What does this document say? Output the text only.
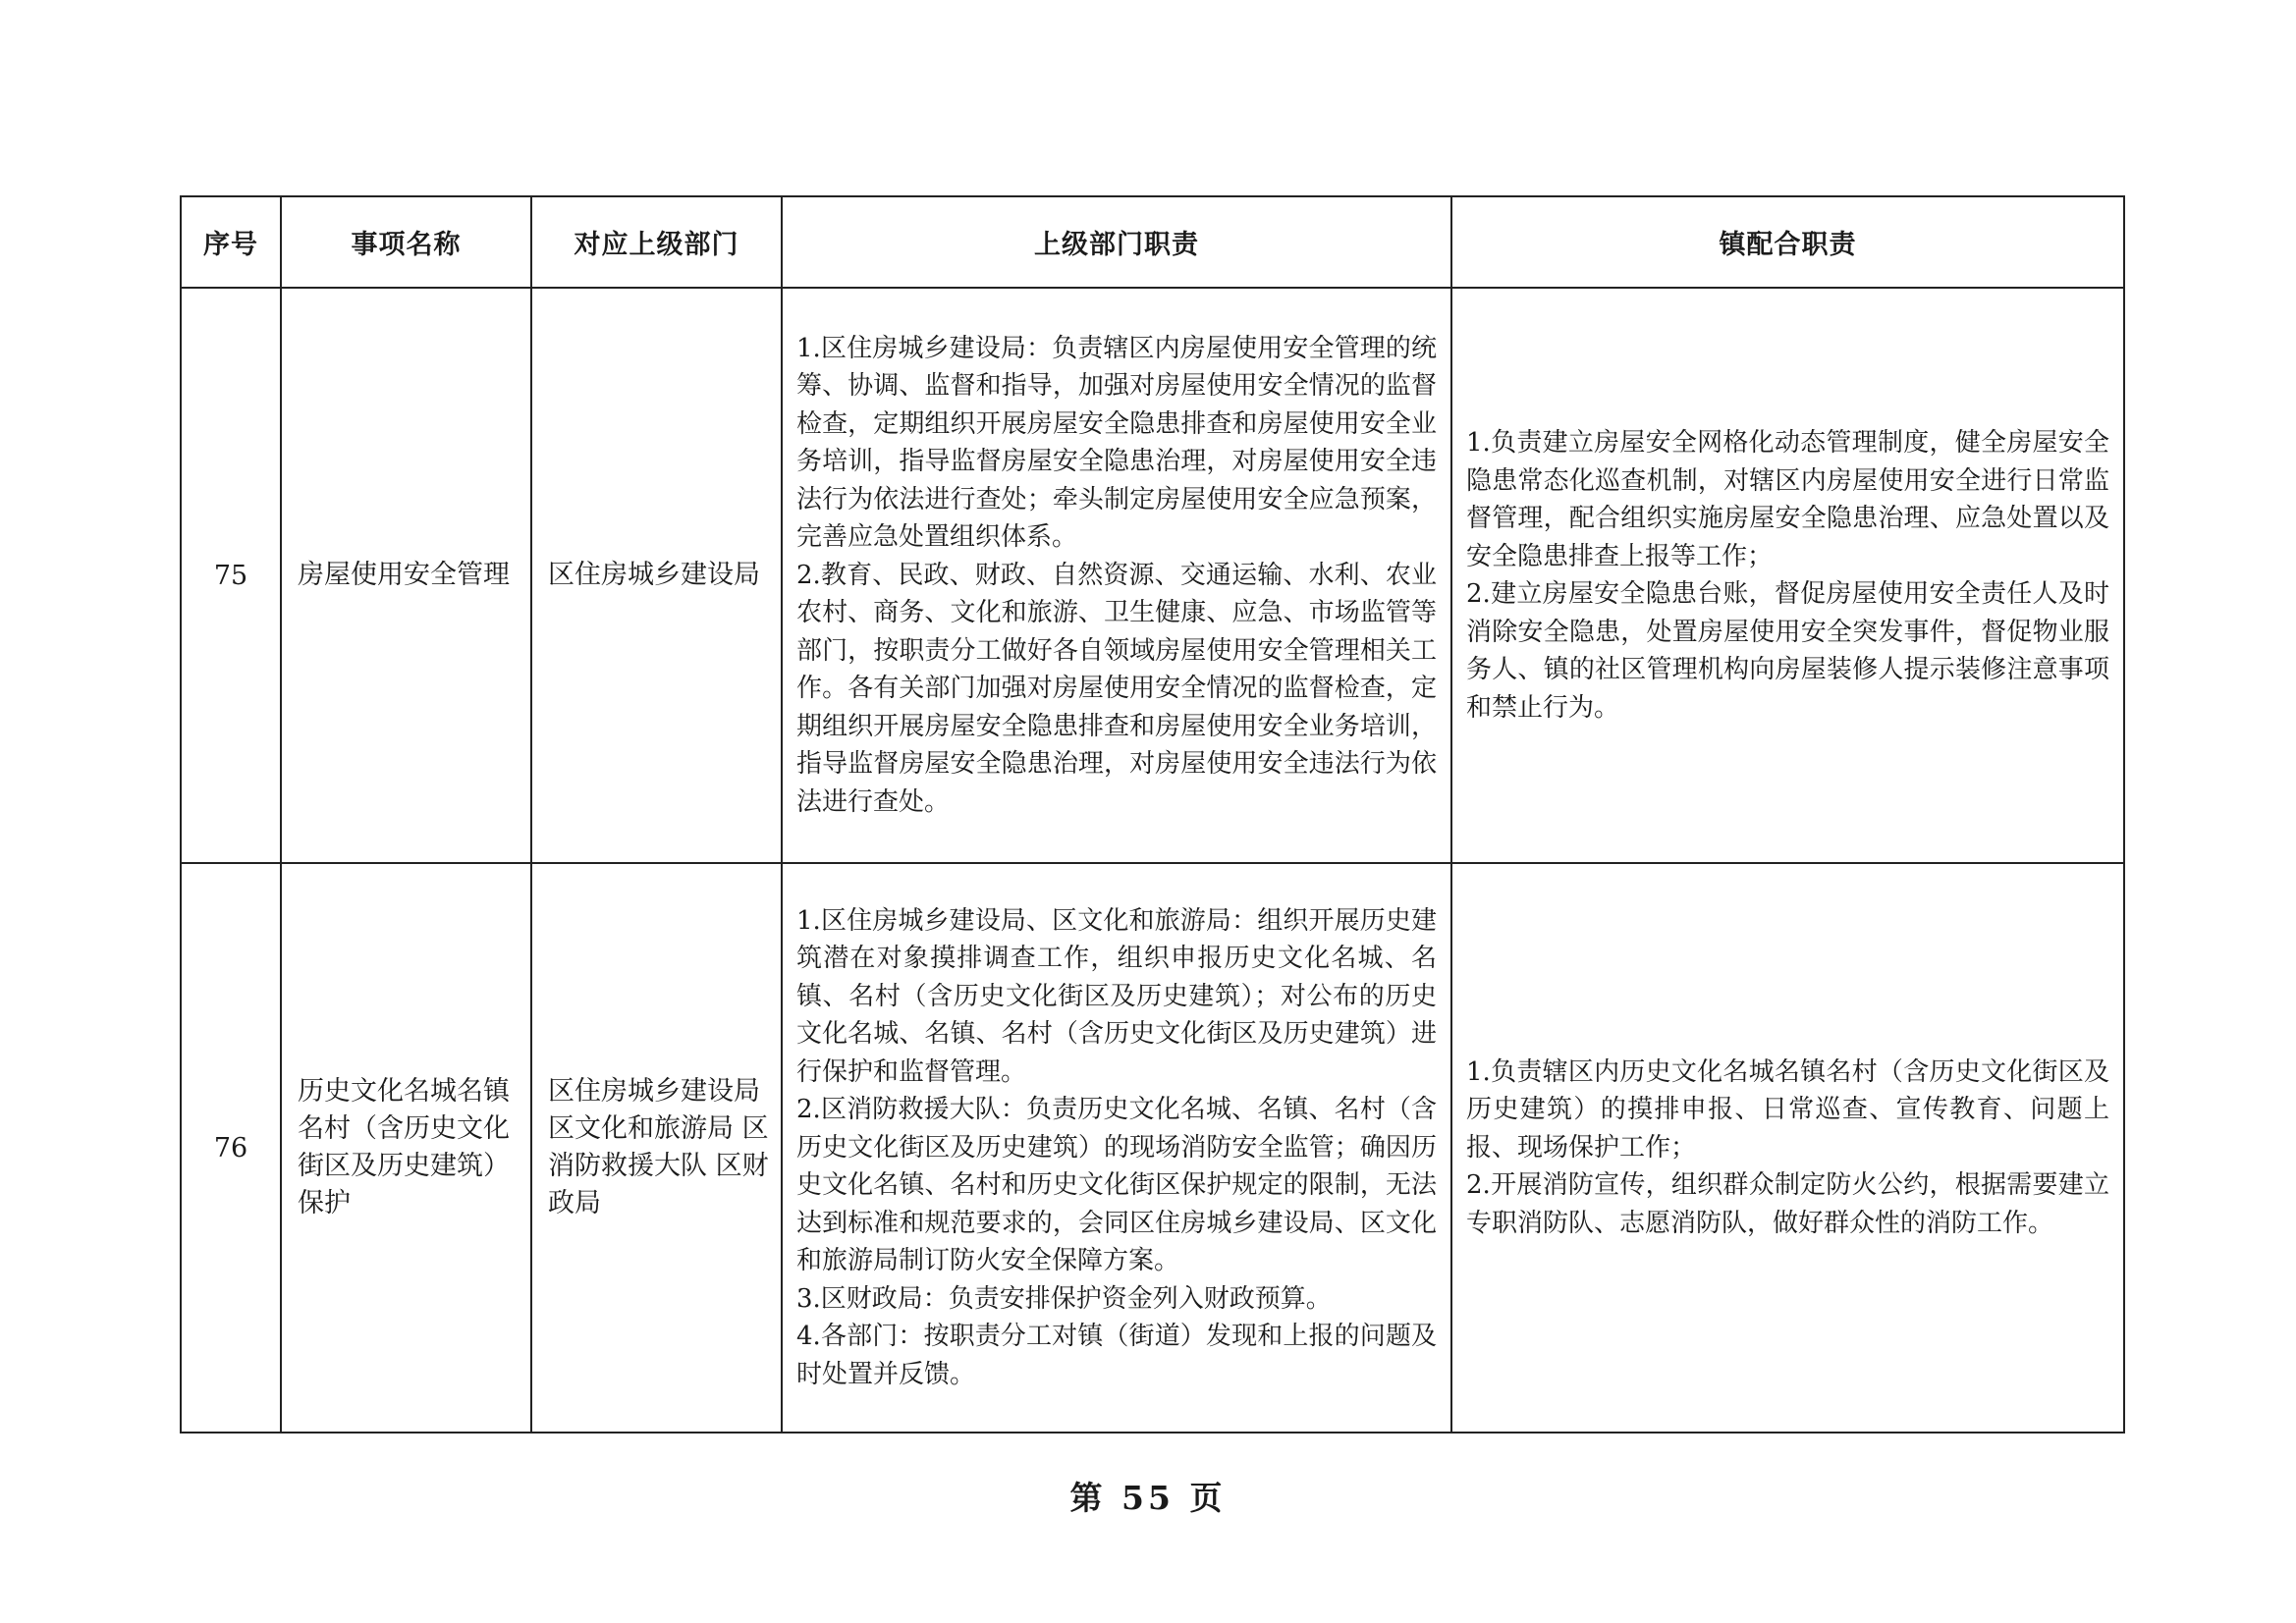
序号	事项名称	对应上级部门	上级部门职责	镇配合职责
75	房屋使用安全管理	区住房城乡建设局	1.区住房城乡建设局：负责辖区内房屋使用安全管理的统筹、协调、监督和指导，加强对房屋使用安全情况的监督检查，定期组织开展房屋安全隐患排查和房屋使用安全业务培训，指导监督房屋安全隐患治理，对房屋使用安全违法行为依法进行查处；牵头制定房屋使用安全应急预案，完善应急处置组织体系。
2.教育、民政、财政、自然资源、交通运输、水利、农业农村、商务、文化和旅游、卫生健康、应急、市场监管等部门，按职责分工做好各自领域房屋使用安全管理相关工作。各有关部门加强对房屋使用安全情况的监督检查，定期组织开展房屋安全隐患排查和房屋使用安全业务培训，指导监督房屋安全隐患治理，对房屋使用安全违法行为依法进行查处。	1.负责建立房屋安全网格化动态管理制度，健全房屋安全隐患常态化巡查机制，对辖区内房屋使用安全进行日常监督管理，配合组织实施房屋安全隐患治理、应急处置以及安全隐患排查上报等工作；
2.建立房屋安全隐患台账，督促房屋使用安全责任人及时消除安全隐患，处置房屋使用安全突发事件，督促物业服务人、镇的社区管理机构向房屋装修人提示装修注意事项和禁止行为。

76	历史文化名城名镇名村（含历史文化街区及历史建筑）保护	区住房城乡建设局 区文化和旅游局 区消防救援大队 区财政局	1.区住房城乡建设局、区文化和旅游局：组织开展历史建筑潜在对象摸排调查工作，组织申报历史文化名城、名镇、名村（含历史文化街区及历史建筑）；对公布的历史文化名城、名镇、名村（含历史文化街区及历史建筑）进行保护和监督管理。
2.区消防救援大队：负责历史文化名城、名镇、名村（含历史文化街区及历史建筑）的现场消防安全监管；确因历史文化名镇、名村和历史文化街区保护规定的限制，无法达到标准和规范要求的，会同区住房城乡建设局、区文化和旅游局制订防火安全保障方案。
3.区财政局：负责安排保护资金列入财政预算。
4.各部门：按职责分工对镇（街道）发现和上报的问题及时处置并反馈。	1.负责辖区内历史文化名城名镇名村（含历史文化街区及历史建筑）的摸排申报、日常巡查、宣传教育、问题上报、现场保护工作；
2.开展消防宣传，组织群众制定防火公约，根据需要建立专职消防队、志愿消防队，做好群众性的消防工作。
第 55 页
